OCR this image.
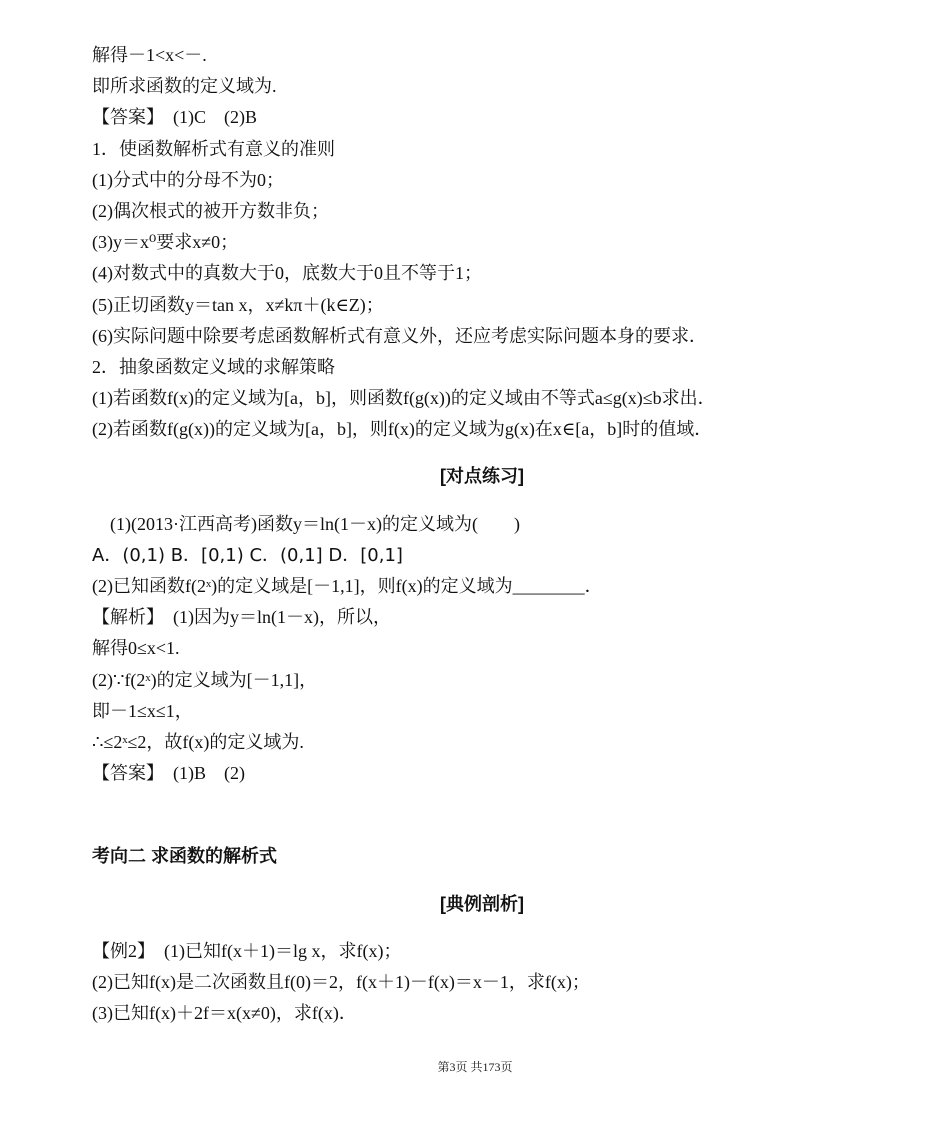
解得－1<x<－.
即所求函数的定义域为.
【答案】　(1)C　(2)B
1．使函数解析式有意义的准则
(1)分式中的分母不为0；
(2)偶次根式的被开方数非负；
(3)y＝x⁰要求x≠0；
(4)对数式中的真数大于0，底数大于0且不等于1；
(5)正切函数y＝tan x，x≠kπ＋(k∈Z)；
(6)实际问题中除要考虑函数解析式有意义外，还应考虑实际问题本身的要求．
2．抽象函数定义域的求解策略
(1)若函数f(x)的定义域为[a，b]，则函数f(g(x))的定义域由不等式a≤g(x)≤b求出．
(2)若函数f(g(x))的定义域为[a，b]，则f(x)的定义域为g(x)在x∈[a，b]时的值域．
[对点练习]
(1)(2013·江西高考)函数y＝ln(1－x)的定义域为(　　)
A．(0,1) B．[0,1) C．(0,1] D．[0,1]
(2)已知函数f(2ˣ)的定义域是[－1,1]，则f(x)的定义域为________．
【解析】　(1)因为y＝ln(1－x)，所以，
解得0≤x<1.
(2)∵f(2ˣ)的定义域为[－1,1]，
即－1≤x≤1，
∴≤2ˣ≤2，故f(x)的定义域为.
【答案】　(1)B　(2)
考向二 求函数的解析式
[典例剖析]
【例2】　(1)已知f(x＋1)＝lg x，求f(x)；
(2)已知f(x)是二次函数且f(0)＝2，f(x＋1)－f(x)＝x－1，求f(x)；
(3)已知f(x)＋2f＝x(x≠0)，求f(x)．
第3页 共173页
